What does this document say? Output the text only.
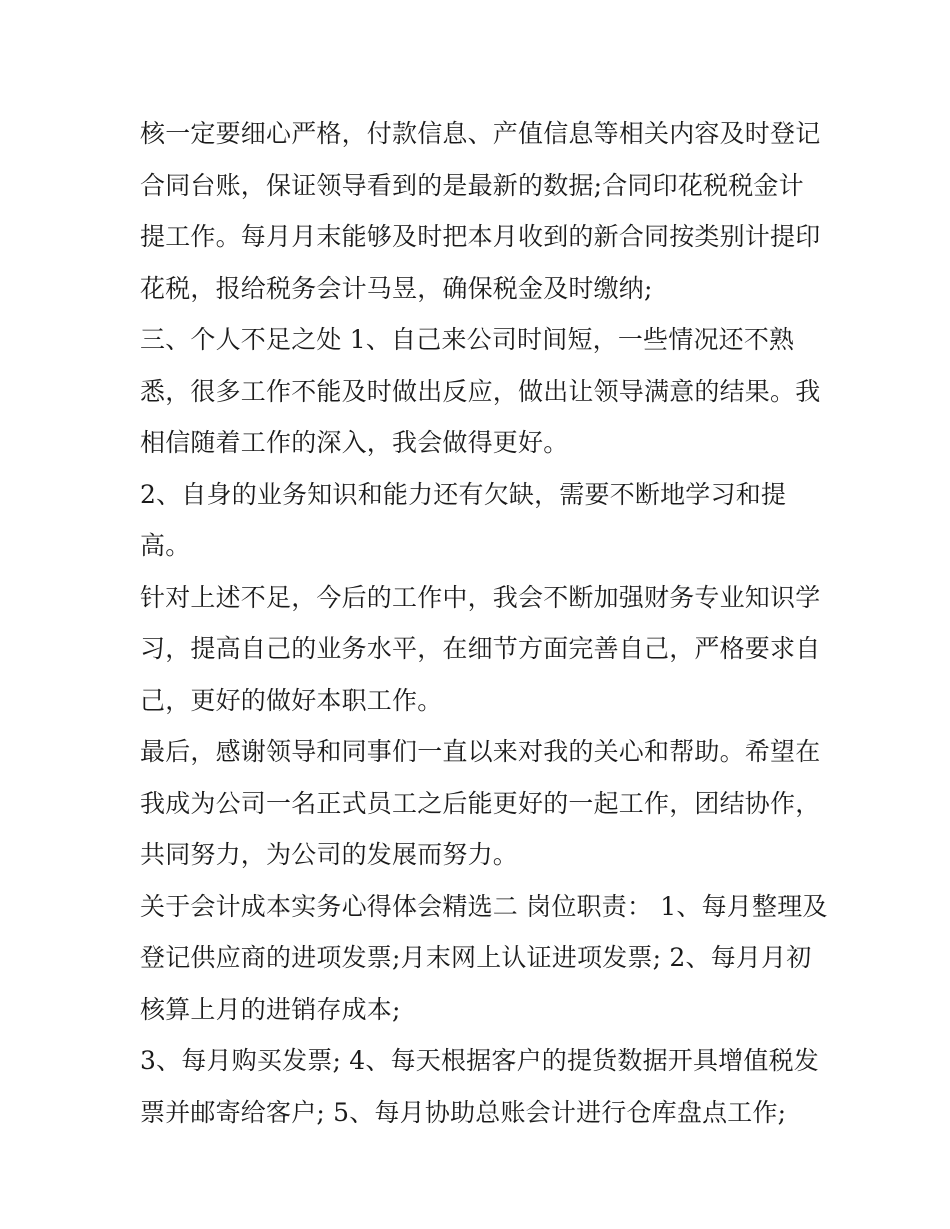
核一定要细心严格，付款信息、产值信息等相关内容及时登记
合同台账，保证领导看到的是最新的数据;合同印花税税金计
提工作。每月月末能够及时把本月收到的新合同按类别计提印
花税，报给税务会计马昱，确保税金及时缴纳;
三、个人不足之处 1、自己来公司时间短，一些情况还不熟
悉，很多工作不能及时做出反应，做出让领导满意的结果。我
相信随着工作的深入，我会做得更好。
2、自身的业务知识和能力还有欠缺，需要不断地学习和提
高。
针对上述不足，今后的工作中，我会不断加强财务专业知识学
习，提高自己的业务水平，在细节方面完善自己，严格要求自
己，更好的做好本职工作。
最后，感谢领导和同事们一直以来对我的关心和帮助。希望在
我成为公司一名正式员工之后能更好的一起工作，团结协作，
共同努力，为公司的发展而努力。
关于会计成本实务心得体会精选二 岗位职责： 1、每月整理及
登记供应商的进项发票;月末网上认证进项发票; 2、每月月初
核算上月的进销存成本;
3、每月购买发票; 4、每天根据客户的提货数据开具增值税发
票并邮寄给客户; 5、每月协助总账会计进行仓库盘点工作;
